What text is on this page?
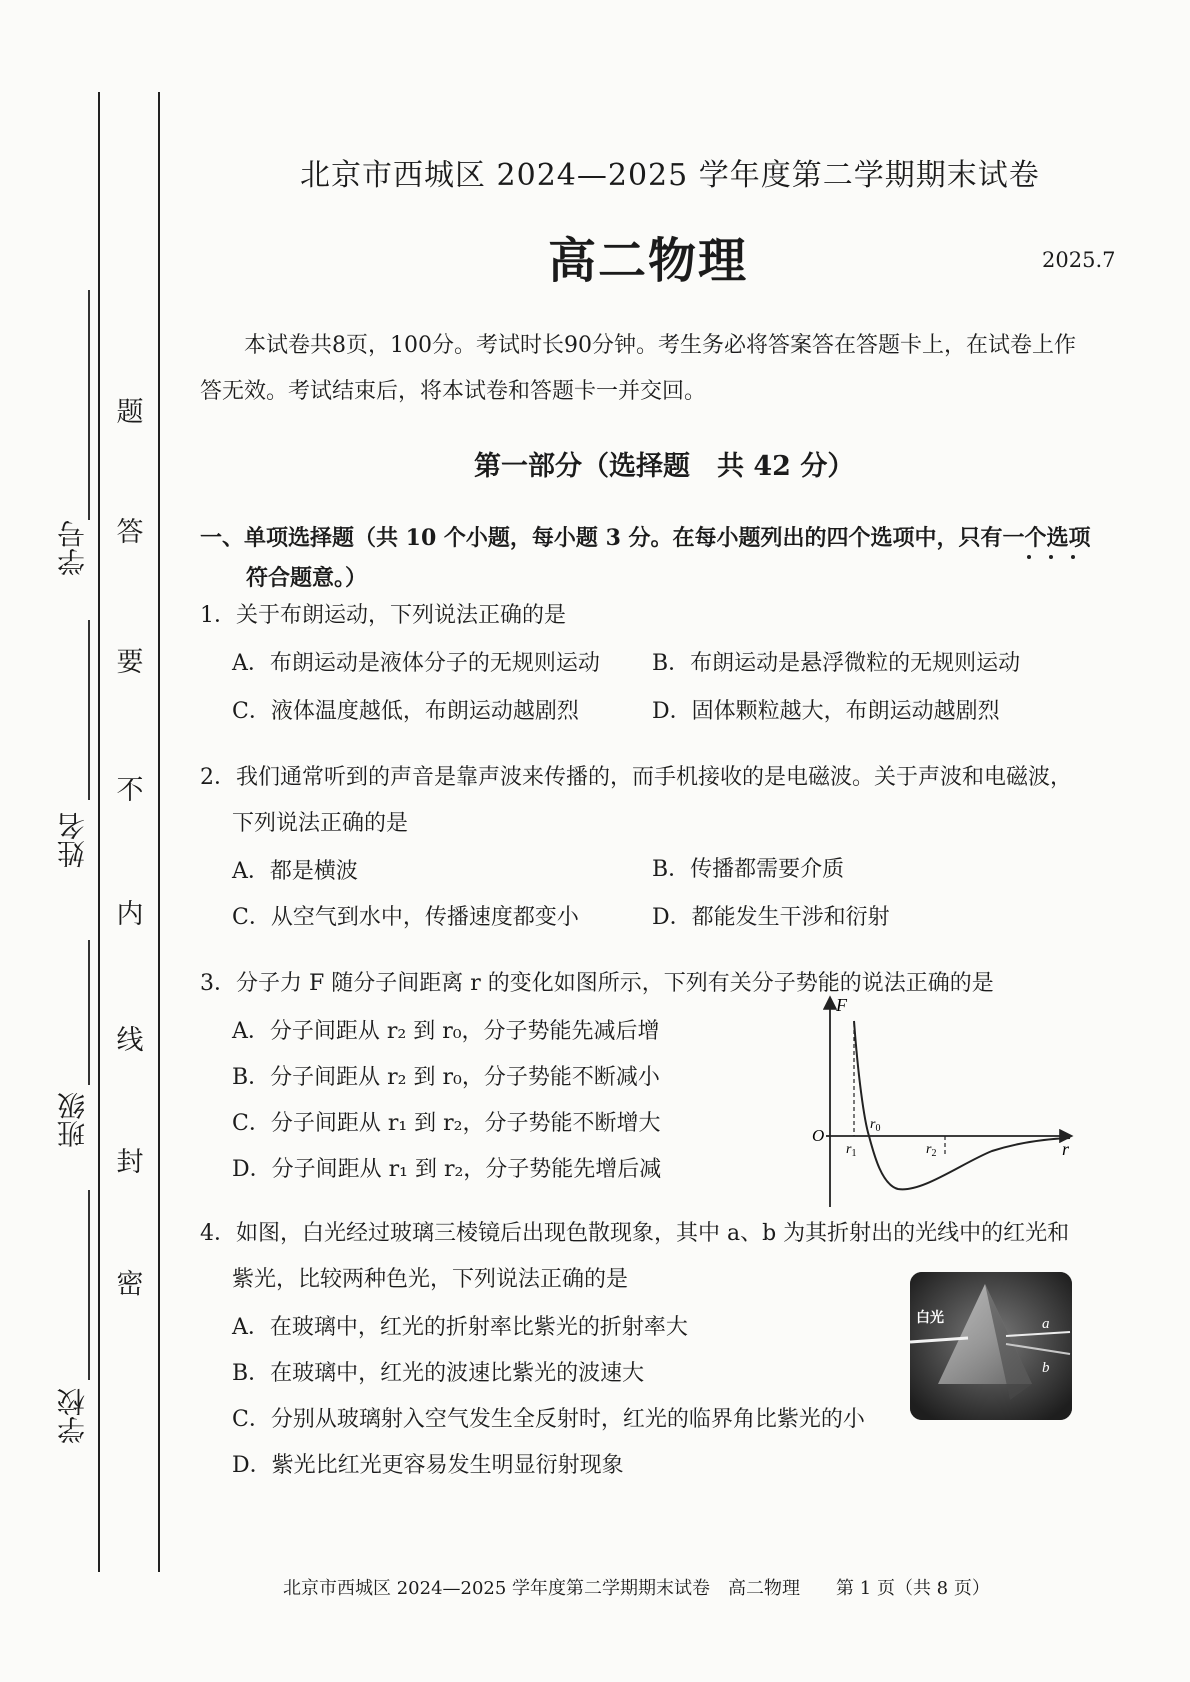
学号
姓名
班级
学校
题
答
要
不
内
线
封
密
北京市西城区 2024—2025 学年度第二学期期末试卷
高二物理	2025.7
本试卷共8页，100分。考试时长90分钟。考生务必将答案答在答题卡上，在试卷上作
答无效。考试结束后，将本试卷和答题卡一并交回。
第一部分（选择题　共 42 分）
一、单项选择题（共 10 个小题，每小题 3 分。在每小题列出的四个选项中，只有一个选项
符合题意。）
1．关于布朗运动，下列说法正确的是
A．布朗运动是液体分子的无规则运动 B．布朗运动是悬浮微粒的无规则运动
C．液体温度越低，布朗运动越剧烈	D．固体颗粒越大，布朗运动越剧烈
2．我们通常听到的声音是靠声波来传播的，而手机接收的是电磁波。关于声波和电磁波，
下列说法正确的是
A．都是横波	B．传播都需要介质
C．从空气到水中，传播速度都变小	D．都能发生干涉和衍射
3．分子力 F 随分子间距离 r 的变化如图所示，下列有关分子势能的说法正确的是
A．分子间距从 r₂ 到 r₀，分子势能先减后增
B．分子间距从 r₂ 到 r₀，分子势能不断减小
C．分子间距从 r₁ 到 r₂，分子势能不断增大
D．分子间距从 r₁ 到 r₂，分子势能先增后减
F
r
O
$r_0$
$r_1$	$r_2$
4．如图，白光经过玻璃三棱镜后出现色散现象，其中 a、b 为其折射出的光线中的红光和
紫光，比较两种色光，下列说法正确的是
A．在玻璃中，红光的折射率比紫光的折射率大
B．在玻璃中，红光的波速比紫光的波速大
C．分别从玻璃射入空气发生全反射时，红光的临界角比紫光的小
D．紫光比红光更容易发生明显衍射现象
白光	a
b
北京市西城区 2024—2025 学年度第二学期期末试卷　高二物理　　第 1 页（共 8 页）
